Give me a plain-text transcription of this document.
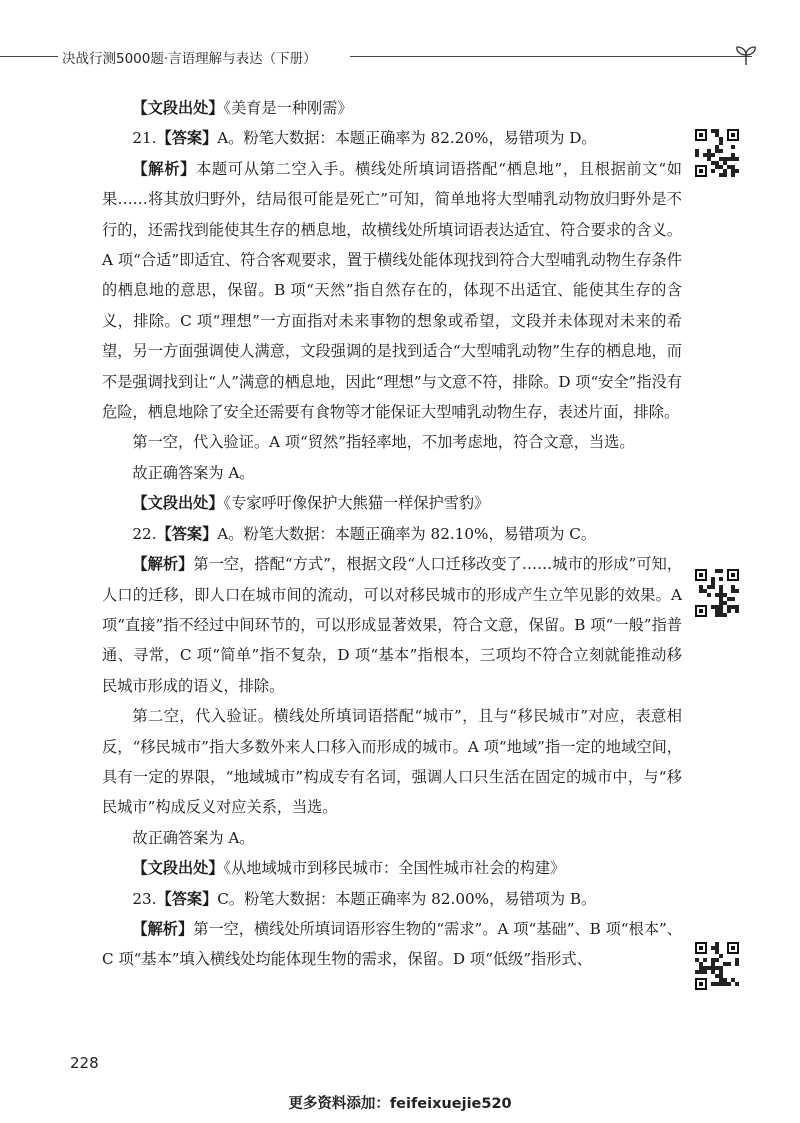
决战行测5000题·言语理解与表达（下册）

【文段出处】《美育是一种刚需》

21.【答案】A。粉笔大数据：本题正确率为 82.20%，易错项为 D。

【解析】本题可从第二空入手。横线处所填词语搭配“栖息地”，且根据前文“如果……将其放归野外，结局很可能是死亡”可知，简单地将大型哺乳动物放归野外是不行的，还需找到能使其生存的栖息地，故横线处所填词语表达适宜、符合要求的含义。A 项“合适”即适宜、符合客观要求，置于横线处能体现找到符合大型哺乳动物生存条件的栖息地的意思，保留。B 项“天然”指自然存在的，体现不出适宜、能使其生存的含义，排除。C 项“理想”一方面指对未来事物的想象或希望，文段并未体现对未来的希望，另一方面强调使人满意，文段强调的是找到适合“大型哺乳动物”生存的栖息地，而不是强调找到让“人”满意的栖息地，因此“理想”与文意不符，排除。D 项“安全”指没有危险，栖息地除了安全还需要有食物等才能保证大型哺乳动物生存，表述片面，排除。

第一空，代入验证。A 项“贸然”指轻率地，不加考虑地，符合文意，当选。

故正确答案为 A。

【文段出处】《专家呼吁像保护大熊猫一样保护雪豹》

22.【答案】A。粉笔大数据：本题正确率为 82.10%，易错项为 C。

【解析】第一空，搭配“方式”，根据文段“人口迁移改变了……城市的形成”可知，人口的迁移，即人口在城市间的流动，可以对移民城市的形成产生立竿见影的效果。A 项“直接”指不经过中间环节的，可以形成显著效果，符合文意，保留。B 项“一般”指普通、寻常，C 项“简单”指不复杂，D 项“基本”指根本，三项均不符合立刻就能推动移民城市形成的语义，排除。

第二空，代入验证。横线处所填词语搭配“城市”，且与“移民城市”对应，表意相反，“移民城市”指大多数外来人口移入而形成的城市。A 项“地域”指一定的地域空间，具有一定的界限，“地域城市”构成专有名词，强调人口只生活在固定的城市中，与“移民城市”构成反义对应关系，当选。

故正确答案为 A。

【文段出处】《从地域城市到移民城市：全国性城市社会的构建》

23.【答案】C。粉笔大数据：本题正确率为 82.00%，易错项为 B。

【解析】第一空，横线处所填词语形容生物的“需求”。A 项“基础”、B 项“根本”、C 项“基本”填入横线处均能体现生物的需求，保留。D 项“低级”指形式、

228
更多资料添加：feifeixuejie520
